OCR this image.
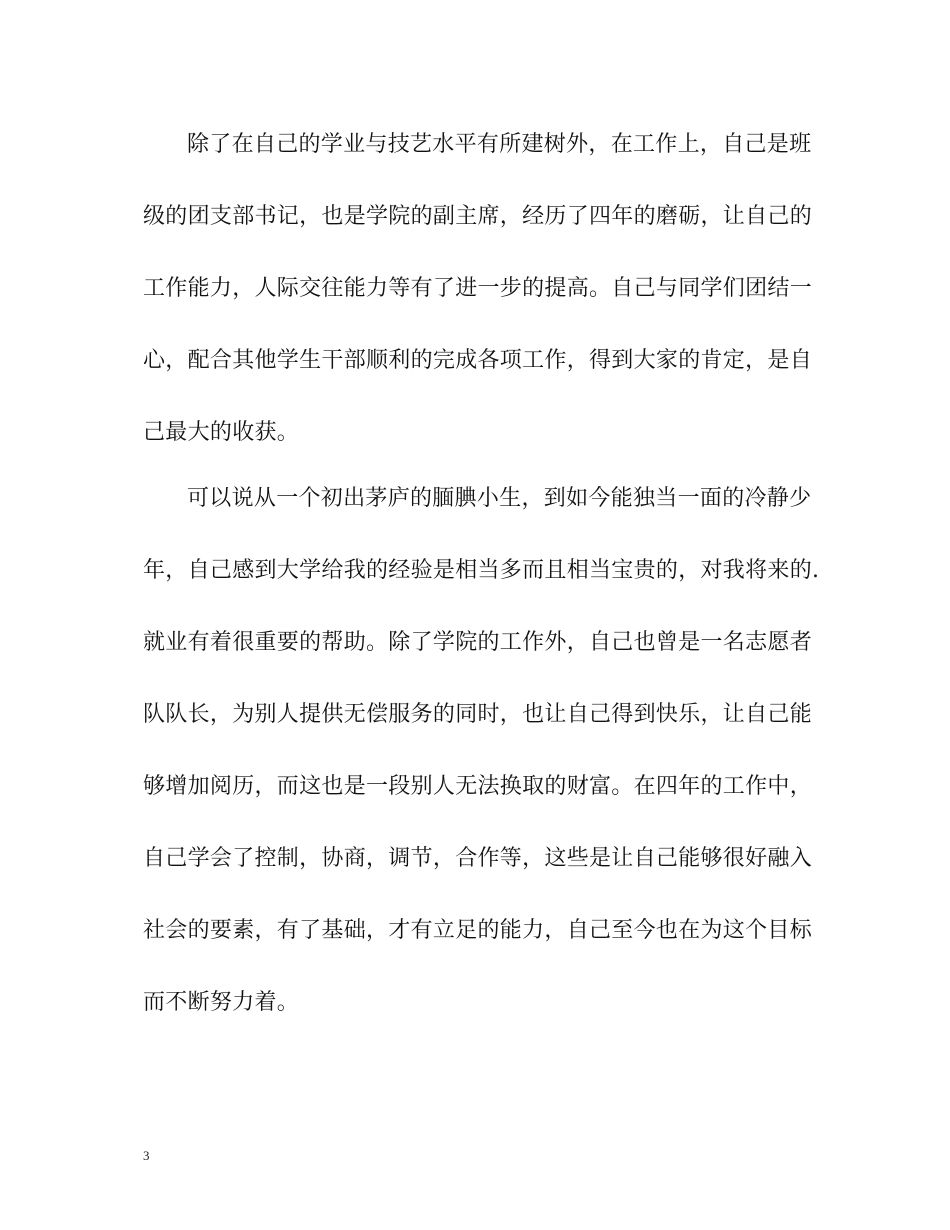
除了在自己的学业与技艺水平有所建树外，在工作上，自己是班
级的团支部书记，也是学院的副主席，经历了四年的磨砺，让自己的
工作能力，人际交往能力等有了进一步的提高。自己与同学们团结一
心，配合其他学生干部顺利的完成各项工作，得到大家的肯定，是自
己最大的收获。
可以说从一个初出茅庐的腼腆小生，到如今能独当一面的冷静少
年，自己感到大学给我的经验是相当多而且相当宝贵的，对我将来的.
就业有着很重要的帮助。除了学院的工作外，自己也曾是一名志愿者
队队长，为别人提供无偿服务的同时，也让自己得到快乐，让自己能
够增加阅历，而这也是一段别人无法换取的财富。在四年的工作中，
自己学会了控制，协商，调节，合作等，这些是让自己能够很好融入
社会的要素，有了基础，才有立足的能力，自己至今也在为这个目标
而不断努力着。
3
